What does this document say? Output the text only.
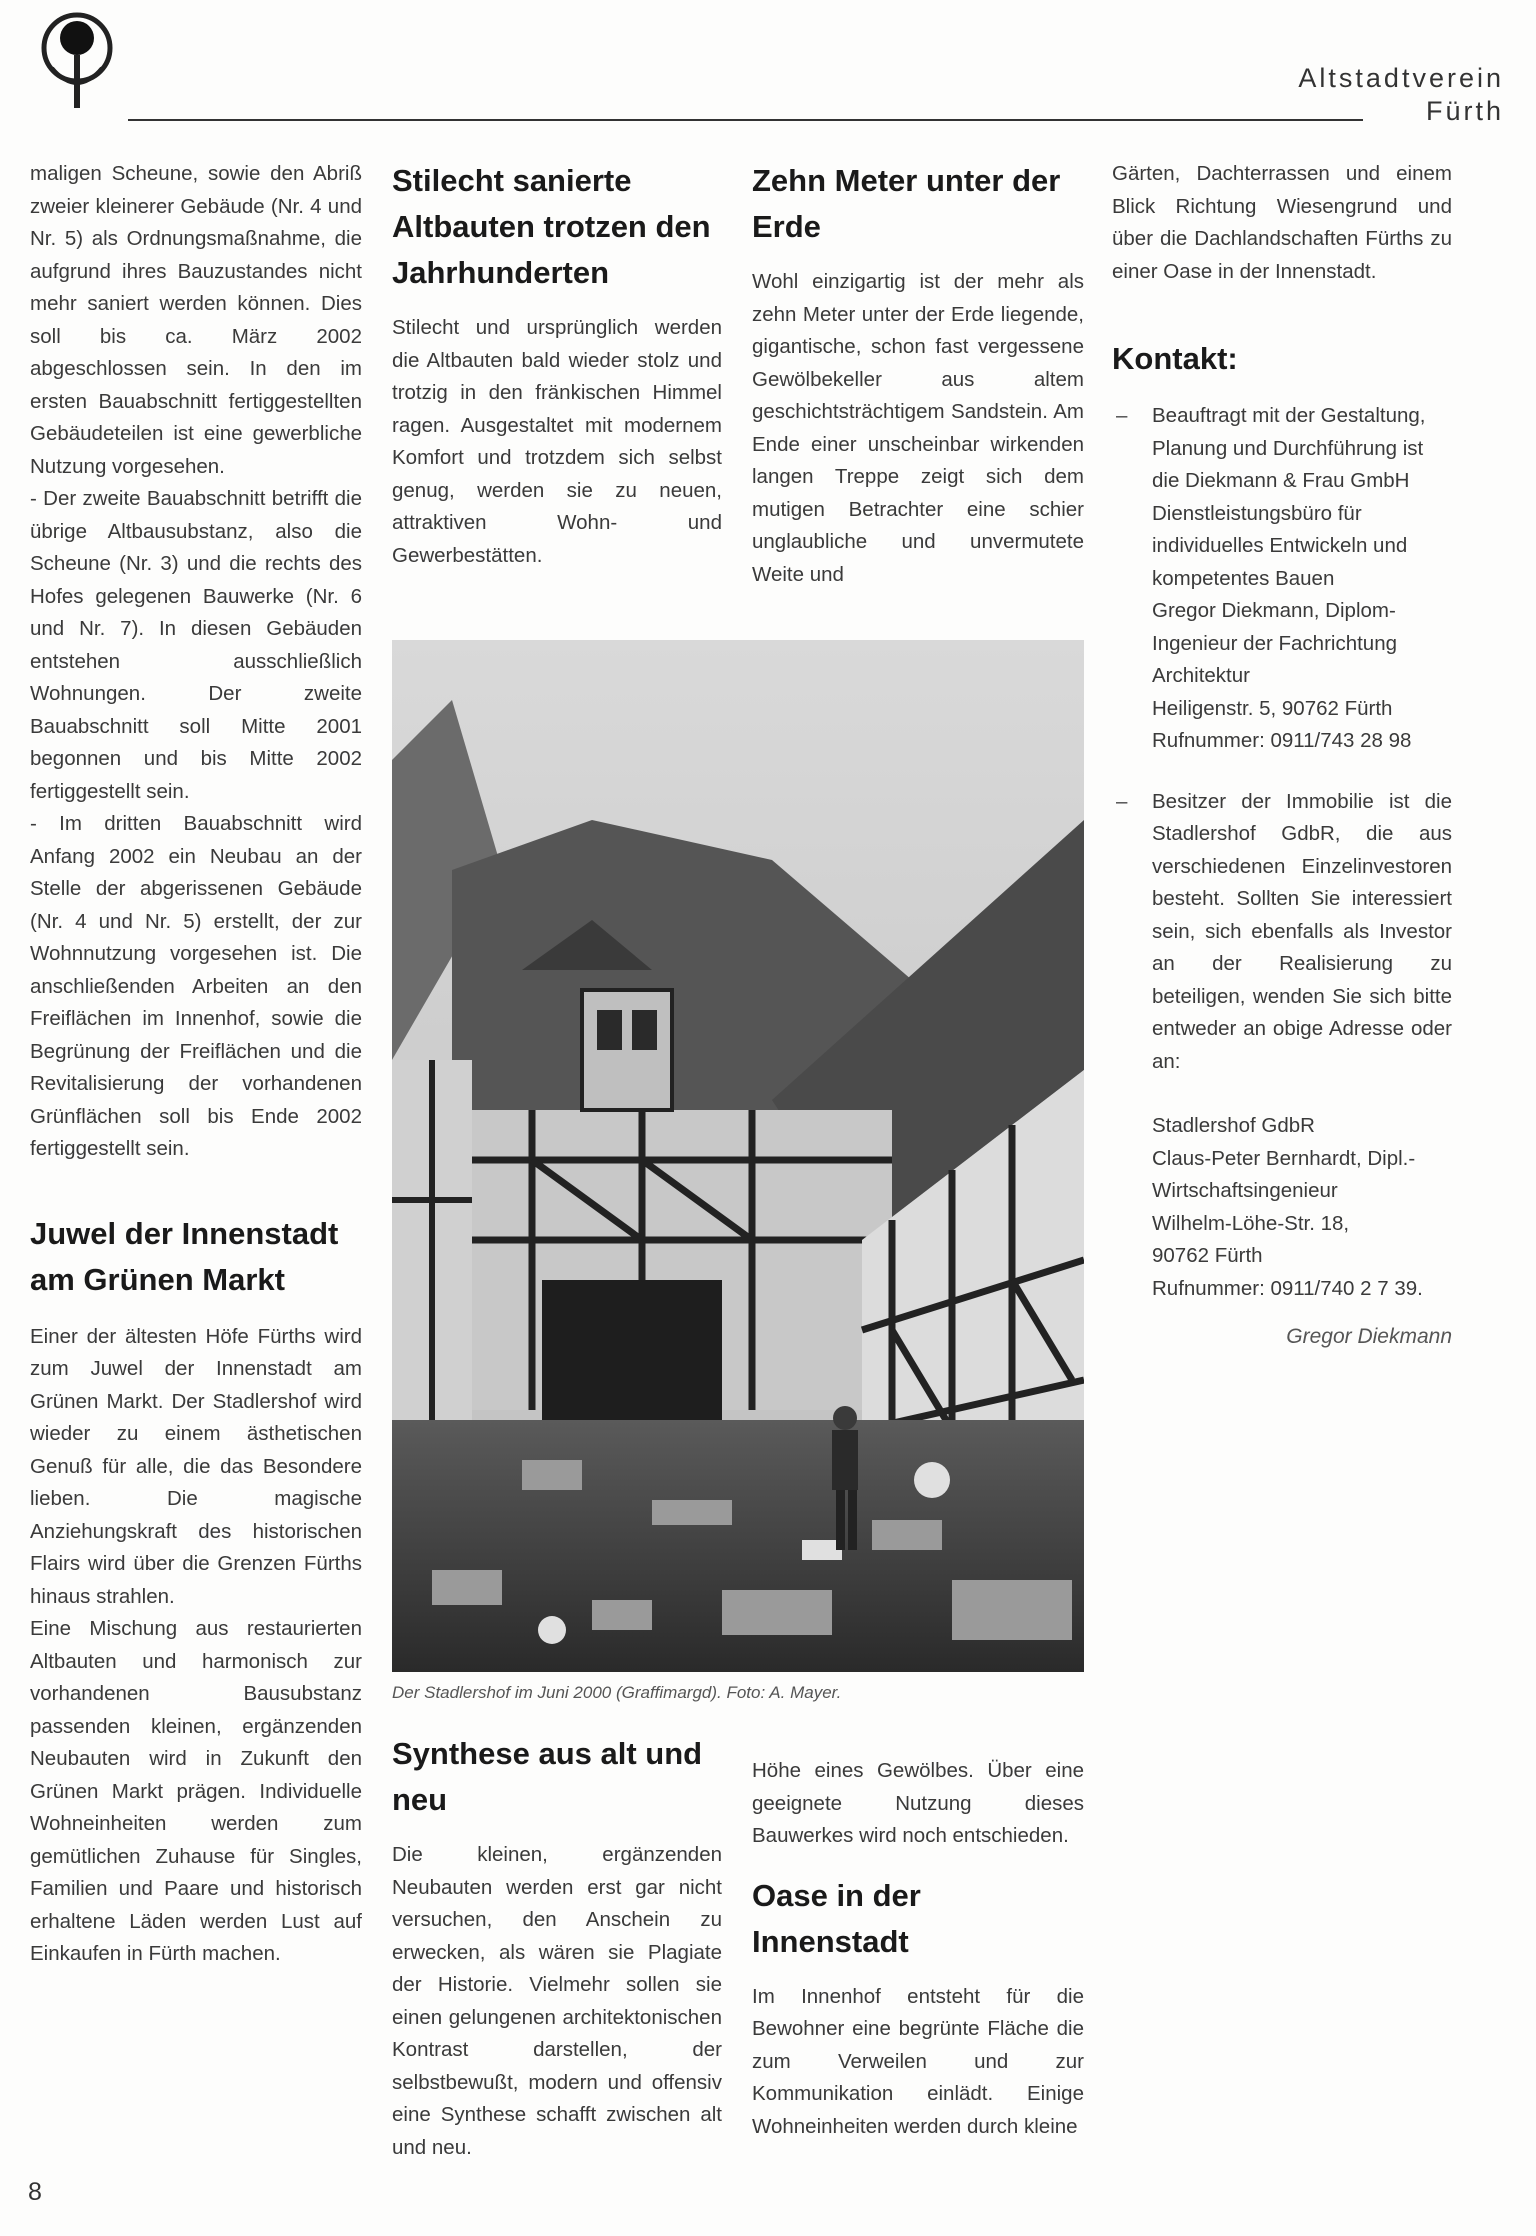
Altstadtverein
Fürth

maligen Scheune, sowie den Abriß zweier kleinerer Gebäude (Nr. 4 und Nr. 5) als Ordnungsmaßnahme, die aufgrund ihres Bauzustandes nicht mehr saniert werden können. Dies soll bis ca. März 2002 abgeschlossen sein. In den im ersten Bauabschnitt fertiggestellten Gebäudeteilen ist eine gewerbliche Nutzung vorgesehen.

- Der zweite Bauabschnitt betrifft die übrige Altbausubstanz, also die Scheune (Nr. 3) und die rechts des Hofes gelegenen Bauwerke (Nr. 6 und Nr. 7). In diesen Gebäuden entstehen ausschließlich Wohnungen. Der zweite Bauabschnitt soll Mitte 2001 begonnen und bis Mitte 2002 fertiggestellt sein.

- Im dritten Bauabschnitt wird Anfang 2002 ein Neubau an der Stelle der abgerissenen Gebäude (Nr. 4 und Nr. 5) erstellt, der zur Wohnnutzung vorgesehen ist. Die anschließenden Arbeiten an den Freiflächen im Innenhof, sowie die Begrünung der Freiflächen und die Revitalisierung der vorhandenen Grünflächen soll bis Ende 2002 fertiggestellt sein.

Juwel der Innenstadt am Grünen Markt

Einer der ältesten Höfe Fürths wird zum Juwel der Innenstadt am Grünen Markt. Der Stadlershof wird wieder zu einem ästhetischen Genuß für alle, die das Besondere lieben. Die magische Anziehungskraft des historischen Flairs wird über die Grenzen Fürths hinaus strahlen.

Eine Mischung aus restaurierten Altbauten und harmonisch zur vorhandenen Bausubstanz passenden kleinen, ergänzenden Neubauten wird in Zukunft den Grünen Markt prägen. Individuelle Wohneinheiten werden zum gemütlichen Zuhause für Singles, Familien und Paare und historisch erhaltene Läden werden Lust auf Einkaufen in Fürth machen.

Stilecht sanierte Altbauten trotzen den Jahrhunderten

Stilecht und ursprünglich werden die Altbauten bald wieder stolz und trotzig in den fränkischen Himmel ragen. Ausgestaltet mit modernem Komfort und trotzdem sich selbst genug, werden sie zu neuen, attraktiven Wohn- und Gewerbestätten.

Zehn Meter unter der Erde

Wohl einzigartig ist der mehr als zehn Meter unter der Erde liegende, gigantische, schon fast vergessene Gewölbekeller aus altem geschichtsträchtigem Sandstein. Am Ende einer unscheinbar wirkenden langen Treppe zeigt sich dem mutigen Betrachter eine schier unglaubliche und unvermutete Weite und

Der Stadlershof im Juni 2000 (Graffimargd). Foto: A. Mayer.
Synthese aus alt und neu

Die kleinen, ergänzenden Neubauten werden erst gar nicht versuchen, den Anschein zu erwecken, als wären sie Plagiate der Historie. Vielmehr sollen sie einen gelungenen architektonischen Kontrast darstellen, der selbstbewußt, modern und offensiv eine Synthese schafft zwischen alt und neu.

Höhe eines Gewölbes. Über eine geeignete Nutzung dieses Bauwerkes wird noch entschieden.

Oase in der Innenstadt

Im Innenhof entsteht für die Bewohner eine begrünte Fläche die zum Verweilen und zur Kommunikation einlädt. Einige Wohneinheiten werden durch kleine

Gärten, Dachterrassen und einem Blick Richtung Wiesengrund und über die Dachlandschaften Fürths zu einer Oase in der Innenstadt.

Kontakt:
– Beauftragt mit der Gestaltung, Planung und Durchführung ist die Diekmann & Frau GmbH Dienstleistungsbüro für individuelles Entwickeln und kompetentes Bauen

Gregor Diekmann, Diplom-Ingenieur der Fachrichtung Architektur
Heiligenstr. 5, 90762 Fürth
Rufnummer: 0911/743 28 98
– Besitzer der Immobilie ist die Stadlershof GdbR, die aus verschiedenen Einzelinvestoren besteht. Sollten Sie interessiert sein, sich ebenfalls als Investor an der Realisierung zu beteiligen, wenden Sie sich bitte entweder an obige Adresse oder an:

Stadlershof GdbR
Claus-Peter Bernhardt, Dipl.-Wirtschaftsingenieur
Wilhelm-Löhe-Str. 18,
90762 Fürth
Rufnummer: 0911/740 2 7 39.
Gregor Diekmann
8
